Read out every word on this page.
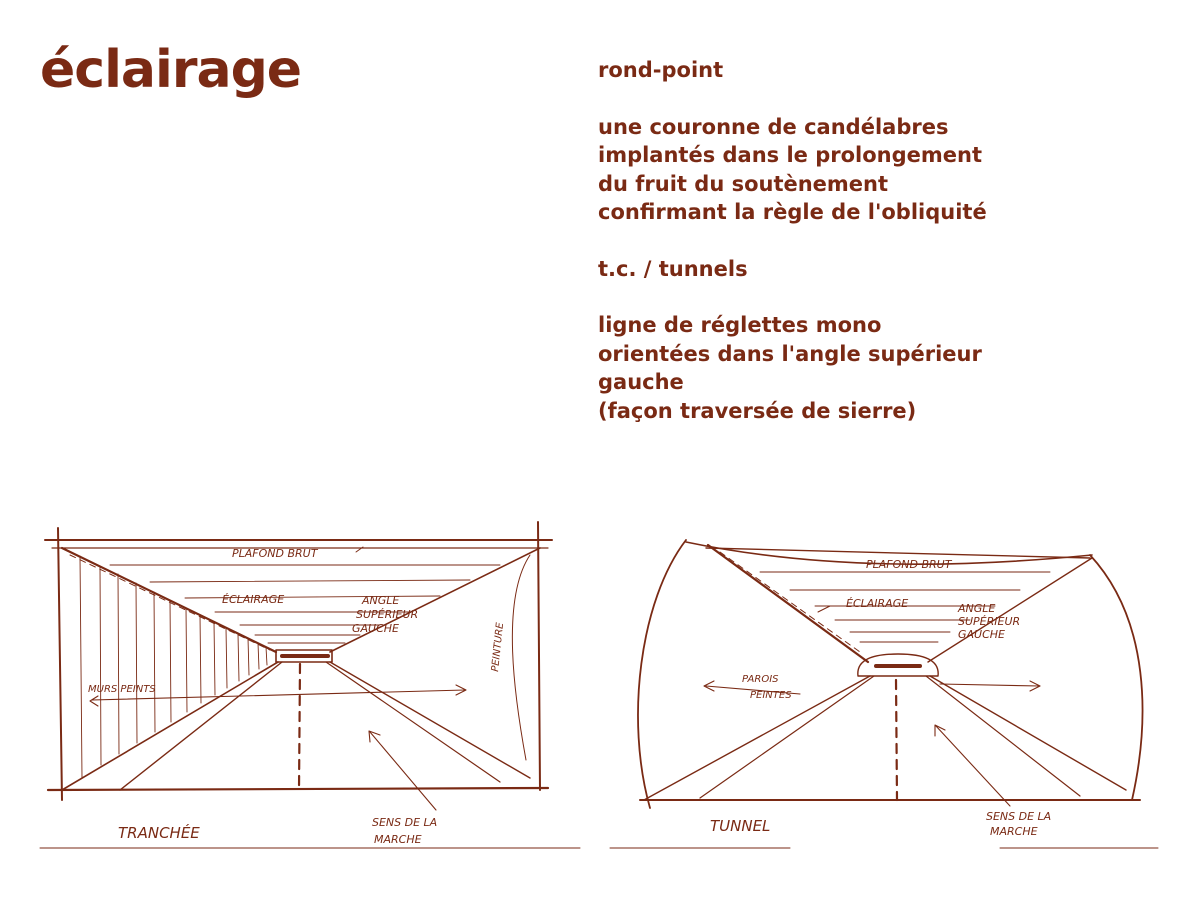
éclairage	rond-point

une couronne de candélabres
implantés dans le prolongement
du fruit du soutènement
confirmant la règle de l'obliquité

t.c. / tunnels

ligne de réglettes mono
orientées dans l'angle supérieur
gauche
(façon traversée de sierre)

PLAFOND BRUT
ÉCLAIRAGE	ANGLE
SUPÉRIEUR
GAUCHE
MURS PEINTS
PEINTURE
SENS DE LA
MARCHE
TRANCHÉE
PLAFOND BRUT
ÉCLAIRAGE	ANGLE
SUPÉRIEUR
GAUCHE
PAROIS
PEINTES
SENS DE LA
MARCHE
TUNNEL
